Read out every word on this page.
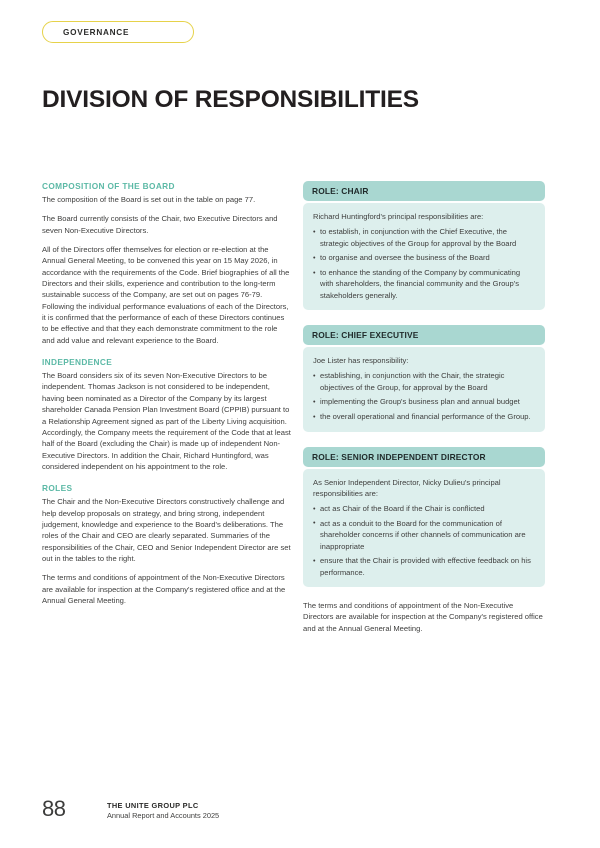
GOVERNANCE
DIVISION OF RESPONSIBILITIES
COMPOSITION OF THE BOARD

The composition of the Board is set out in the table on page 77.

The Board currently consists of the Chair, two Executive Directors and seven Non-Executive Directors.

All of the Directors offer themselves for election or re-election at the Annual General Meeting, to be convened this year on 15 May 2026, in accordance with the requirements of the Code. Brief biographies of all the Directors and their skills, experience and contribution to the long-term sustainable success of the Company, are set out on pages 76-79. Following the individual performance evaluations of each of the Directors, it is confirmed that the performance of each of these Directors continues to be effective and that they each demonstrate commitment to the role and add value and relevant experience to the Board.

INDEPENDENCE

The Board considers six of its seven Non-Executive Directors to be independent. Thomas Jackson is not considered to be independent, having been nominated as a Director of the Company by its largest shareholder Canada Pension Plan Investment Board (CPPIB) pursuant to a Relationship Agreement signed as part of the Liberty Living acquisition. Accordingly, the Company meets the requirement of the Code that at least half of the Board (excluding the Chair) is made up of independent Non-Executive Directors. In addition the Chair, Richard Huntingford, was considered independent on his appointment to the role.

ROLES

The Chair and the Non-Executive Directors constructively challenge and help develop proposals on strategy, and bring strong, independent judgement, knowledge and experience to the Board's deliberations. The roles of the Chair and CEO are clearly separated. Summaries of the responsibilities of the Chair, CEO and Senior Independent Director are set out in the tables to the right.

The terms and conditions of appointment of the Non-Executive Directors are available for inspection at the Company's registered office and at the Annual General Meeting.

ROLE: CHAIR

Richard Huntingford's principal responsibilities are:

• to establish, in conjunction with the Chief Executive, the strategic objectives of the Group for approval by the Board
• to organise and oversee the business of the Board
• to enhance the standing of the Company by communicating with shareholders, the financial community and the Group's stakeholders generally.
ROLE: CHIEF EXECUTIVE

Joe Lister has responsibility:

• establishing, in conjunction with the Chair, the strategic objectives of the Group, for approval by the Board
• implementing the Group's business plan and annual budget
• the overall operational and financial performance of the Group.
ROLE: SENIOR INDEPENDENT DIRECTOR

As Senior Independent Director, Nicky Dulieu's principal responsibilities are:

• act as Chair of the Board if the Chair is conflicted
• act as a conduit to the Board for the communication of shareholder concerns if other channels of communication are inappropriate
• ensure that the Chair is provided with effective feedback on his performance.

The terms and conditions of appointment of the Non-Executive Directors are available for inspection at the Company's registered office and at the Annual General Meeting.

88	THE UNITE GROUP PLC
Annual Report and Accounts 2025
